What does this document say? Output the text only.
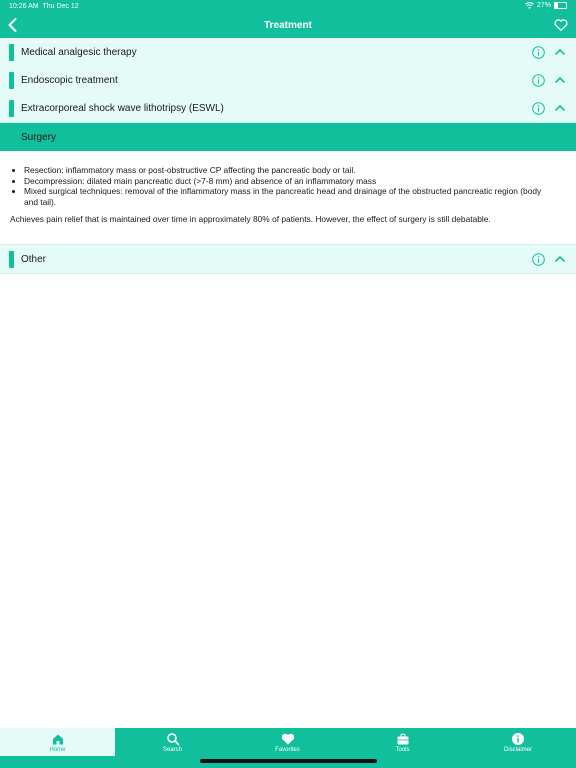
10:26 AM Thu Dec 12	27%
Treatment
Medical analgesic therapy
Endoscopic treatment
Extracorporeal shock wave lithotripsy (ESWL)
Surgery
• Resection: inflammatory mass or post-obstructive CP affecting the pancreatic body or tail.
• Decompression: dilated main pancreatic duct (>7-8 mm) and absence of an inflammatory mass
• Mixed surgical techniques: removal of the inflammatory mass in the pancreatic head and drainage of the obstructed pancreatic region (body and tail).

Achieves pain relief that is maintained over time in approximately 80% of patients. However, the effect of surgery is still debatable.

Other
Home	Search	Favorites	Tools	Disclaimer
